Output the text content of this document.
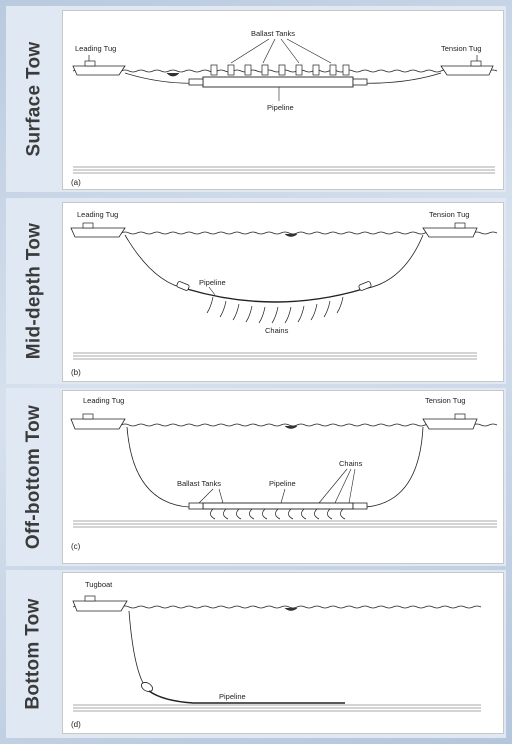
Surface Tow	Leading Tug	Tension Tug
Ballast Tanks
Pipeline
(a)
Mid-depth Tow
Leading Tug	Tension Tug
Pipeline
Chains
(b)
Off-bottom Tow
Leading Tug	Tension Tug
Ballast Tanks	Pipeline
Chains
(c)
Bottom Tow
Tugboat
Pipeline
(d)
